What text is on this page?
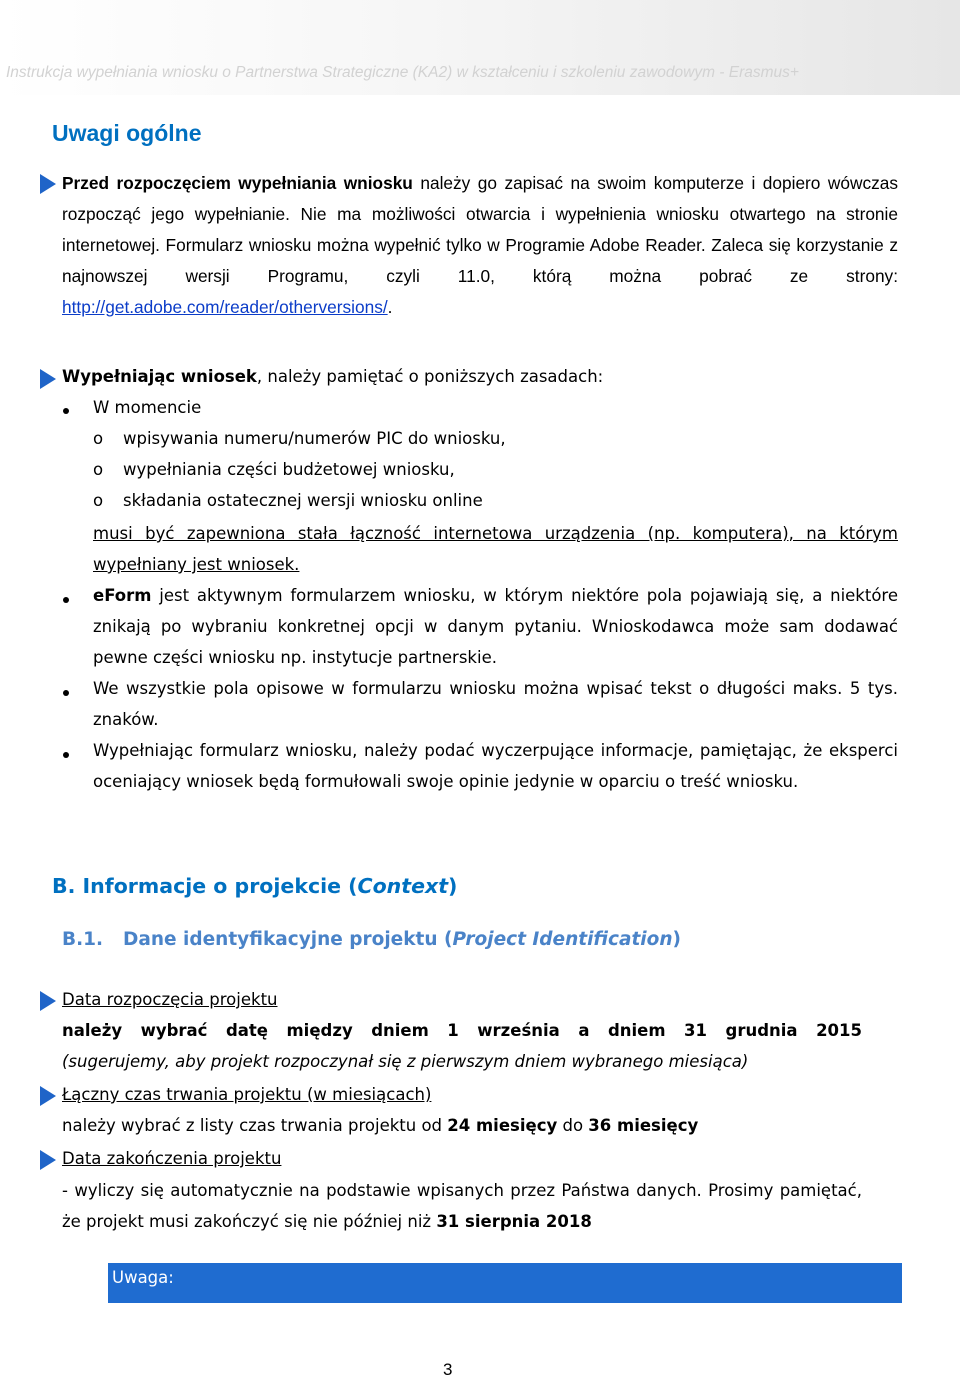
Instrukcja wypełniania wniosku o Partnerstwa Strategiczne (KA2) w kształceniu i szkoleniu zawodowym - Erasmus+
Uwagi ogólne
Przed rozpoczęciem wypełniania wniosku należy go zapisać na swoim komputerze i dopiero wówczas rozpocząć jego wypełnianie. Nie ma możliwości otwarcia i wypełnienia wniosku otwartego na stronie internetowej. Formularz wniosku można wypełnić tylko w Programie Adobe Reader. Zaleca się korzystanie z najnowszej wersji Programu, czyli 11.0, którą można pobrać ze strony: http://get.adobe.com/reader/otherversions/.
Wypełniając wniosek, należy pamiętać o poniższych zasadach:
W momencie
o wpisywania numeru/numerów PIC do wniosku,
o wypełniania części budżetowej wniosku,
o składania ostatecznej wersji wniosku online
musi być zapewniona stała łączność internetowa urządzenia (np. komputera), na którym wypełniany jest wniosek.
eForm jest aktywnym formularzem wniosku, w którym niektóre pola pojawiają się, a niektóre znikają po wybraniu konkretnej opcji w danym pytaniu. Wnioskodawca może sam dodawać pewne części wniosku np. instytucje partnerskie.
We wszystkie pola opisowe w formularzu wniosku można wpisać tekst o długości maks. 5 tys. znaków.
Wypełniając formularz wniosku, należy podać wyczerpujące informacje, pamiętając, że eksperci oceniający wniosek będą formułowali swoje opinie jedynie w oparciu o treść wniosku.
B. Informacje o projekcie (Context)
B.1. Dane identyfikacyjne projektu (Project Identification)
Data rozpoczęcia projektu
należy wybrać datę między dniem 1 września a dniem 31 grudnia 2015
(sugerujemy, aby projekt rozpoczynał się z pierwszym dniem wybranego miesiąca)
Łączny czas trwania projektu (w miesiącach)
należy wybrać z listy czas trwania projektu od 24 miesięcy do 36 miesięcy
Data zakończenia projektu
- wyliczy się automatycznie na podstawie wpisanych przez Państwa danych. Prosimy pamiętać, że projekt musi zakończyć się nie później niż 31 sierpnia 2018
Uwaga:
3
